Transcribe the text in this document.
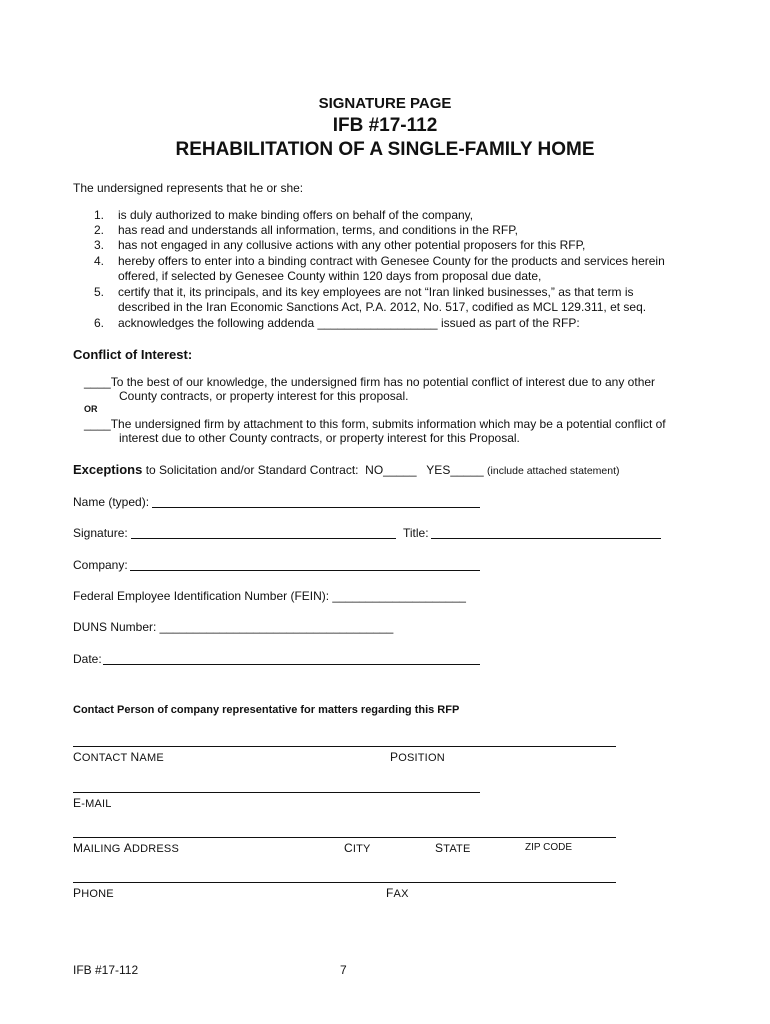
SIGNATURE PAGE
IFB #17-112
REHABILITATION OF A SINGLE-FAMILY HOME
The undersigned represents that he or she:
1. is duly authorized to make binding offers on behalf of the company,
2. has read and understands all information, terms, and conditions in the RFP,
3. has not engaged in any collusive actions with any other potential proposers for this RFP,
4. hereby offers to enter into a binding contract with Genesee County for the products and services herein
offered, if selected by Genesee County within 120 days from proposal due date,
5. certify that it, its principals, and its key employees are not “Iran linked businesses,” as that term is
described in the Iran Economic Sanctions Act, P.A. 2012, No. 517, codified as MCL 129.311, et seq.
6. acknowledges the following addenda __________________ issued as part of the RFP:
Conflict of Interest:
____To the best of our knowledge, the undersigned firm has no potential conflict of interest due to any other
County contracts, or property interest for this proposal.
OR
____The undersigned firm by attachment to this form, submits information which may be a potential conflict of
interest due to other County contracts, or property interest for this Proposal.
Exceptions to Solicitation and/or Standard Contract:  NO_____   YES_____ (include attached statement)
Name (typed):
Signature:	Title:
Company:
Federal Employee Identification Number (FEIN): ____________________
DUNS Number: ___________________________________
Date:
Contact Person of company representative for matters regarding this RFP
CONTACT NAME	POSITION
E-MAIL
MAILING ADDRESS	CITY	STATE	ZIP CODE
PHONE	FAX
IFB #17-112	7
